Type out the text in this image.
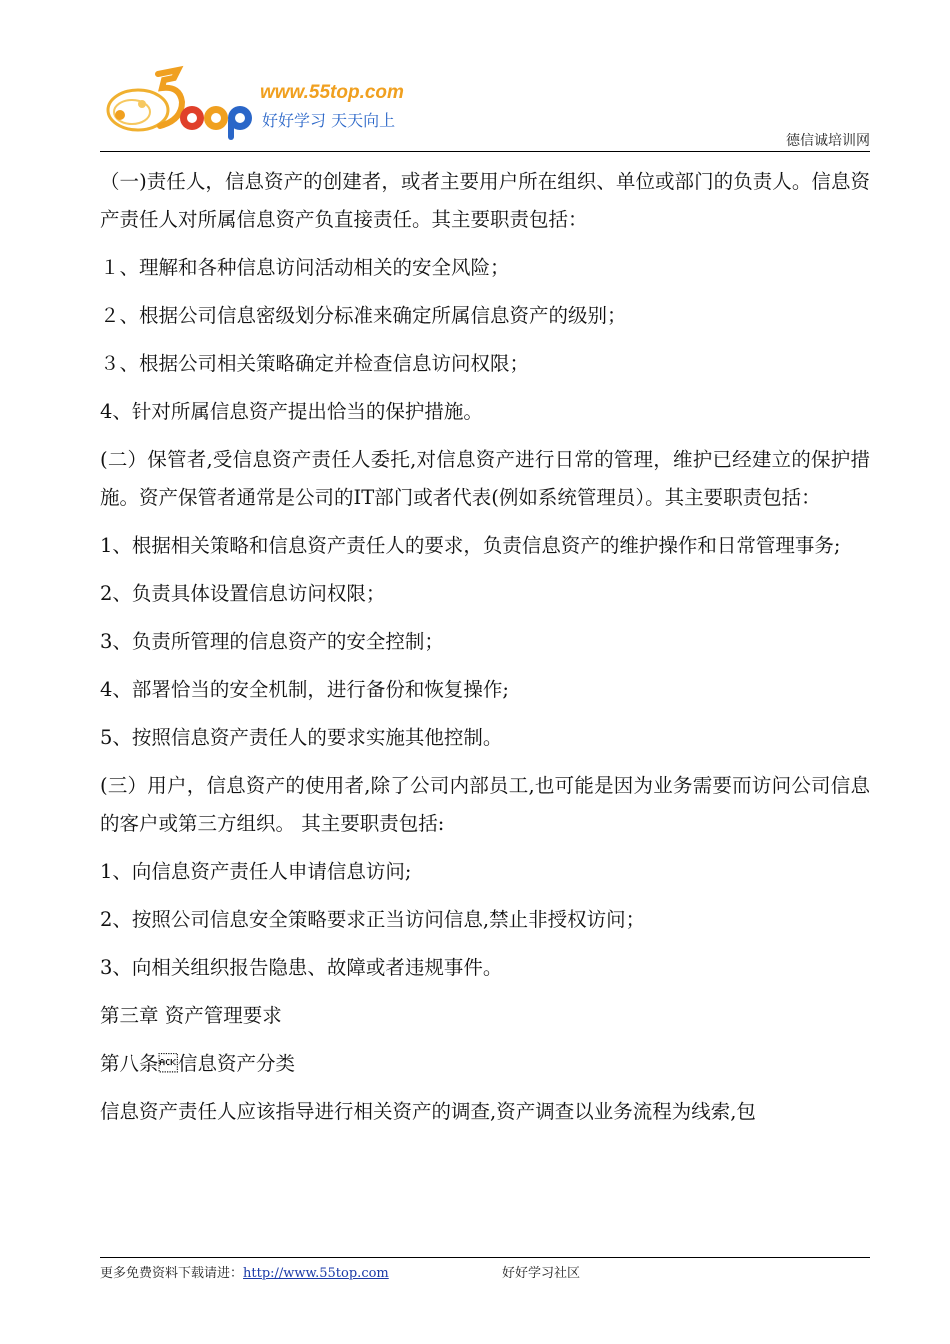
www.55top.com
好好学习 天天向上
德信诚培训网

（一)责任人，信息资产的创建者，或者主要用户所在组织、单位或部门的负责人。信息资产责任人对所属信息资产负直接责任。其主要职责包括：

１、理解和各种信息访问活动相关的安全风险；

２、根据公司信息密级划分标准来确定所属信息资产的级别；

３、根据公司相关策略确定并检查信息访问权限；

4、针对所属信息资产提出恰当的保护措施。

(二）保管者,受信息资产责任人委托,对信息资产进行日常的管理，维护已经建立的保护措施。资产保管者通常是公司的IT部门或者代表(例如系统管理员）。其主要职责包括：

1、根据相关策略和信息资产责任人的要求，负责信息资产的维护操作和日常管理事务;

2、负责具体设置信息访问权限；

3、负责所管理的信息资产的安全控制；

4、部署恰当的安全机制，进行备份和恢复操作;

5、按照信息资产责任人的要求实施其他控制。

(三）用户，信息资产的使用者,除了公司内部员工,也可能是因为业务需要而访问公司信息的客户或第三方组织。 其主要职责包括:

1、向信息资产责任人申请信息访问;

2、按照公司信息安全策略要求正当访问信息,禁止非授权访问；

3、向相关组织报告隐患、故障或者违规事件。

第三章 资产管理要求

第八条信息资产分类

信息资产责任人应该指导进行相关资产的调查,资产调查以业务流程为线索,包

更多免费资料下载请进：http://www.55top.com	好好学习社区
